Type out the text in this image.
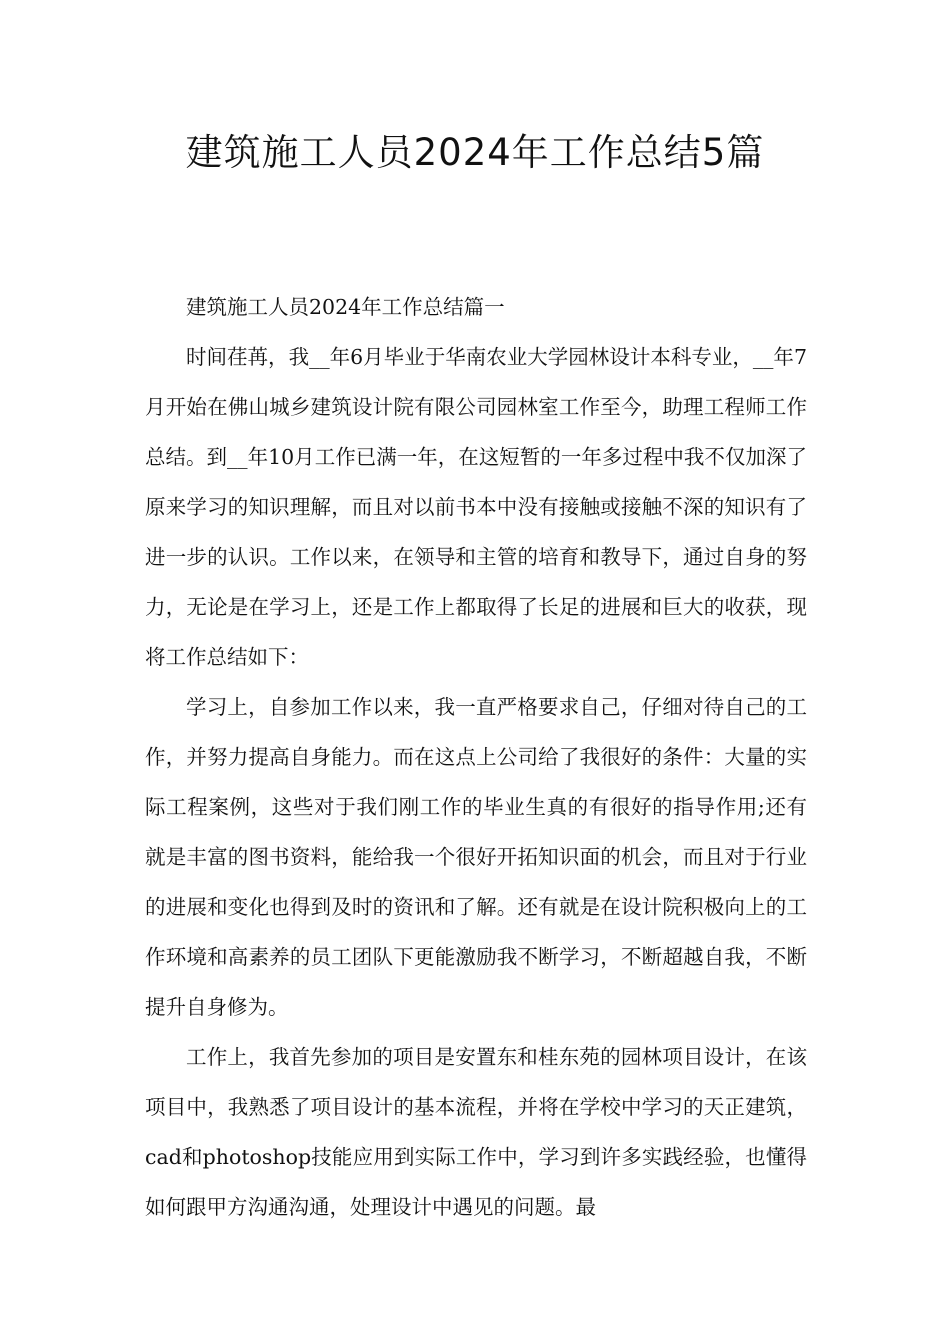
建筑施工人员2024年工作总结5篇

建筑施工人员2024年工作总结篇一

时间荏苒，我__年6月毕业于华南农业大学园林设计本科专业，__年7月开始在佛山城乡建筑设计院有限公司园林室工作至今，助理工程师工作总结。到__年10月工作已满一年，在这短暂的一年多过程中我不仅加深了原来学习的知识理解，而且对以前书本中没有接触或接触不深的知识有了进一步的认识。工作以来，在领导和主管的培育和教导下，通过自身的努力，无论是在学习上，还是工作上都取得了长足的进展和巨大的收获，现将工作总结如下：

学习上，自参加工作以来，我一直严格要求自己，仔细对待自己的工作，并努力提高自身能力。而在这点上公司给了我很好的条件：大量的实际工程案例，这些对于我们刚工作的毕业生真的有很好的指导作用;还有就是丰富的图书资料，能给我一个很好开拓知识面的机会，而且对于行业的进展和变化也得到及时的资讯和了解。还有就是在设计院积极向上的工作环境和高素养的员工团队下更能激励我不断学习，不断超越自我，不断提升自身修为。

工作上，我首先参加的项目是安置东和桂东苑的园林项目设计，在该项目中，我熟悉了项目设计的基本流程，并将在学校中学习的天正建筑，cad和photoshop技能应用到实际工作中，学习到许多实践经验，也懂得如何跟甲方沟通沟通，处理设计中遇见的问题。最
